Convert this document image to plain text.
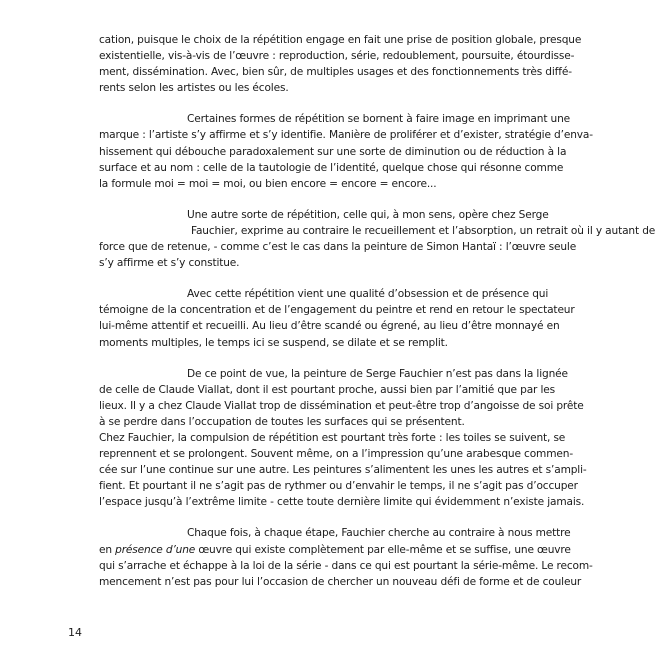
cation, puisque le choix de la répétition engage en fait une prise de position globale, presque
existentielle, vis-à-vis de l’œuvre : reproduction, série, redoublement, poursuite, étourdisse-
ment, dissémination. Avec, bien sûr, de multiples usages et des fonctionnements très diffé-
rents selon les artistes ou les écoles.
Certaines formes de répétition se bornent à faire image en imprimant une
marque : l’artiste s’y affirme et s’y identifie. Manière de proliférer et d’exister, stratégie d’enva-
hissement qui débouche paradoxalement sur une sorte de diminution ou de réduction à la
surface et au nom : celle de la tautologie de l’identité, quelque chose qui résonne comme
la formule moi = moi = moi, ou bien encore = encore = encore...
Une autre sorte de répétition, celle qui, à mon sens, opère chez Serge
Fauchier, exprime au contraire le recueillement et l’absorption, un retrait où il y autant de
force que de retenue, - comme c’est le cas dans la peinture de Simon Hantaï : l’œuvre seule
s’y affirme et s’y constitue.
Avec cette répétition vient une qualité d’obsession et de présence qui
témoigne de la concentration et de l’engagement du peintre et rend en retour le spectateur
lui-même attentif et recueilli. Au lieu d’être scandé ou égrené, au lieu d’être monnayé en
moments multiples, le temps ici se suspend, se dilate et se remplit.
De ce point de vue, la peinture de Serge Fauchier n’est pas dans la lignée
de celle de Claude Viallat, dont il est pourtant proche, aussi bien par l’amitié que par les
lieux. Il y a chez Claude Viallat trop de dissémination et peut-être trop d’angoisse de soi prête
à se perdre dans l’occupation de toutes les surfaces qui se présentent.
Chez Fauchier, la compulsion de répétition est pourtant très forte : les toiles se suivent, se
reprennent et se prolongent. Souvent même, on a l’impression qu’une arabesque commen-
cée sur l’une continue sur une autre. Les peintures s’alimentent les unes les autres et s’ampli-
fient. Et pourtant il ne s’agit pas de rythmer ou d’envahir le temps, il ne s’agit pas d’occuper
l’espace jusqu’à l’extrême limite - cette toute dernière limite qui évidemment n’existe jamais.
Chaque fois, à chaque étape, Fauchier cherche au contraire à nous mettre
en présence d’une œuvre qui existe complètement par elle-même et se suffise, une œuvre
qui s’arrache et échappe à la loi de la série - dans ce qui est pourtant la série-même. Le recom-
mencement n’est pas pour lui l’occasion de chercher un nouveau défi de forme et de couleur
14
